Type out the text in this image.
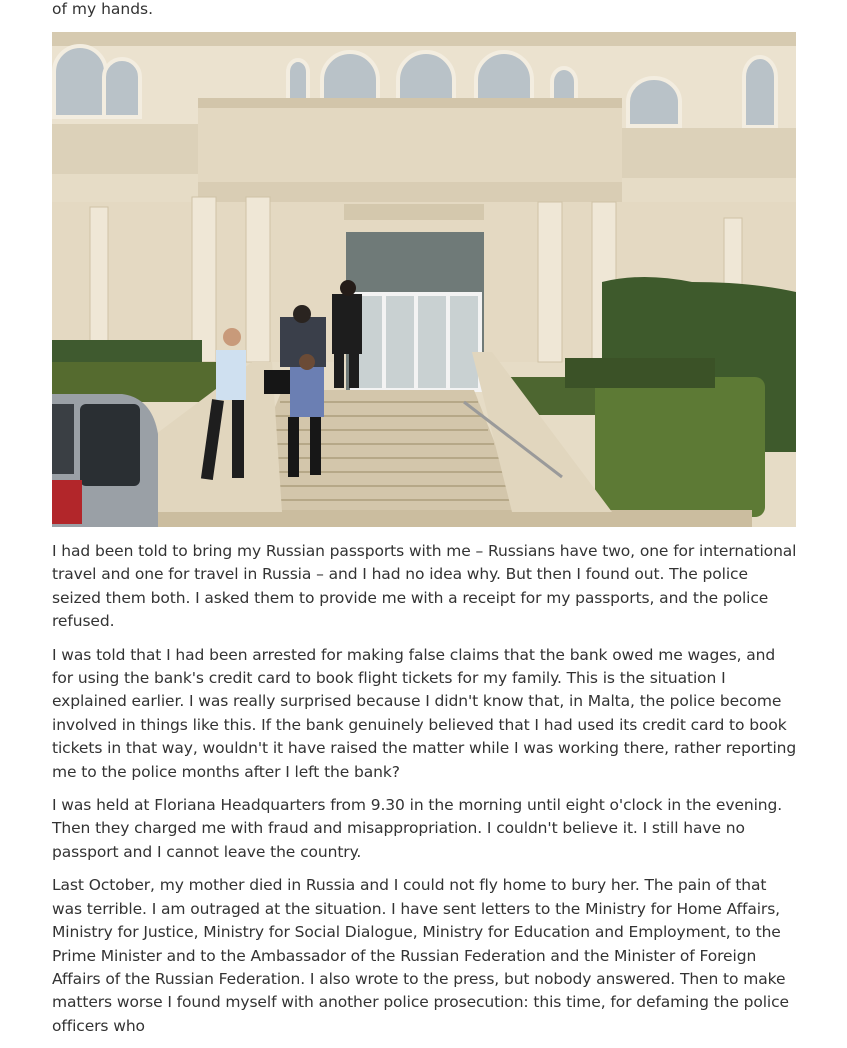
of my hands.

I had been told to bring my Russian passports with me – Russians have two, one for international travel and one for travel in Russia – and I had no idea why. But then I found out. The police seized them both. I asked them to provide me with a receipt for my passports, and the police refused.

I was told that I had been arrested for making false claims that the bank owed me wages, and for using the bank's credit card to book flight tickets for my family. This is the situation I explained earlier. I was really surprised because I didn't know that, in Malta, the police become involved in things like this. If the bank genuinely believed that I had used its credit card to book tickets in that way, wouldn't it have raised the matter while I was working there, rather reporting me to the police months after I left the bank?

I was held at Floriana Headquarters from 9.30 in the morning until eight o'clock in the evening. Then they charged me with fraud and misappropriation. I couldn't believe it. I still have no passport and I cannot leave the country.

Last October, my mother died in Russia and I could not fly home to bury her. The pain of that was terrible. I am outraged at the situation. I have sent letters to the Ministry for Home Affairs, Ministry for Justice, Ministry for Social Dialogue, Ministry for Education and Employment, to the Prime Minister and to the Ambassador of the Russian Federation and the Minister of Foreign Affairs of the Russian Federation. I also wrote to the press, but nobody answered. Then to make matters worse I found myself with another police prosecution: this time, for defaming the police officers who
